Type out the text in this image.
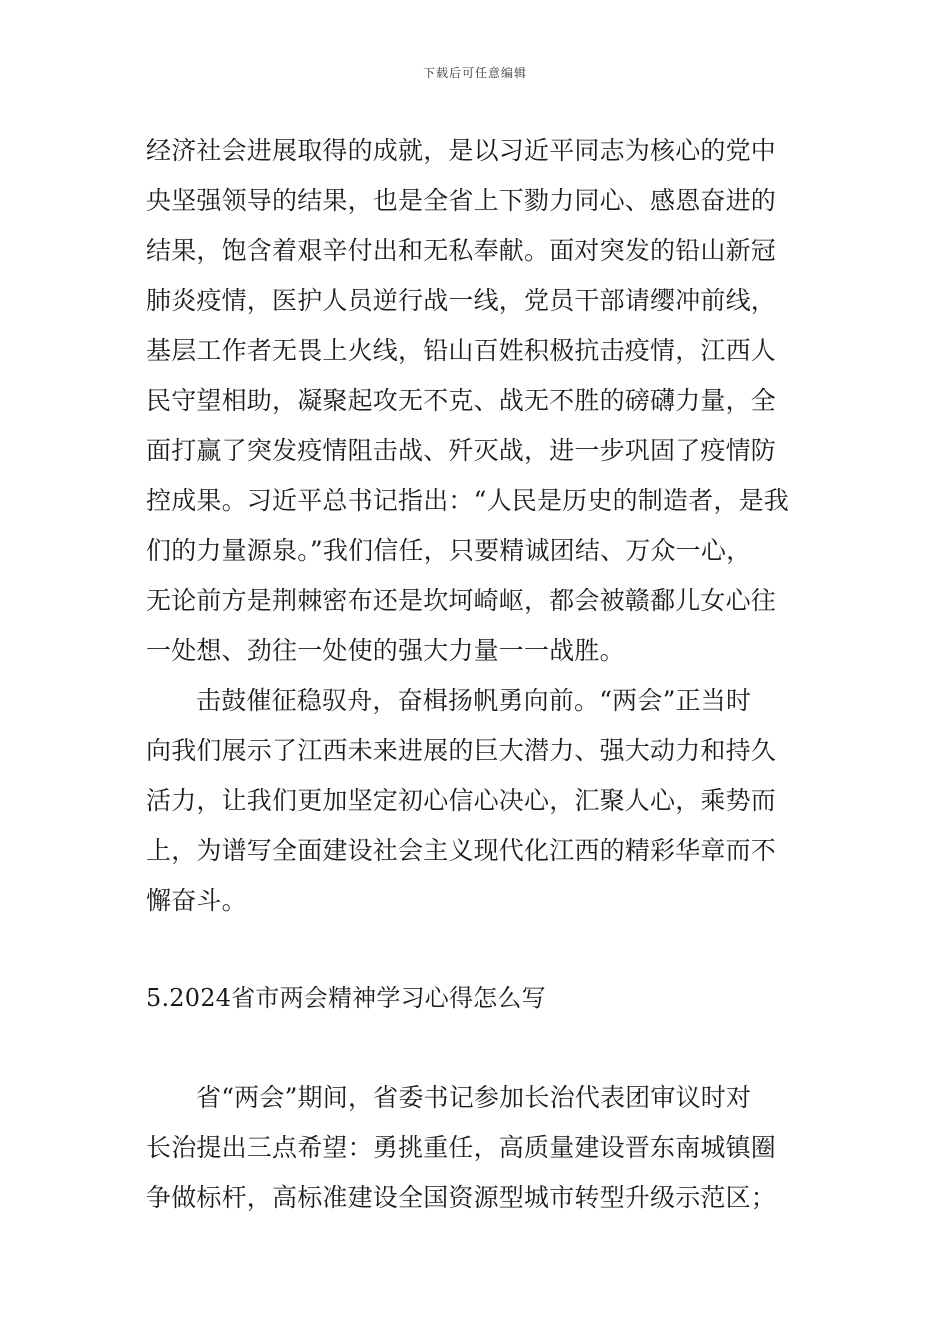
下载后可任意编辑
经济社会进展取得的成就，是以习近平同志为核心的党中
央坚强领导的结果，也是全省上下勠力同心、感恩奋进的
结果，饱含着艰辛付出和无私奉献。面对突发的铅山新冠
肺炎疫情，医护人员逆行战一线，党员干部请缨冲前线，
基层工作者无畏上火线，铅山百姓积极抗击疫情，江西人
民守望相助，凝聚起攻无不克、战无不胜的磅礴力量，全
面打赢了突发疫情阻击战、歼灭战，进一步巩固了疫情防
控成果。习近平总书记指出：“人民是历史的制造者，是我
们的力量源泉。”我们信任，只要精诚团结、万众一心，
无论前方是荆棘密布还是坎坷崎岖，都会被赣鄱儿女心往
一处想、劲往一处使的强大力量一一战胜。
击鼓催征稳驭舟，奋楫扬帆勇向前。“两会”正当时
向我们展示了江西未来进展的巨大潜力、强大动力和持久
活力，让我们更加坚定初心信心决心，汇聚人心，乘势而
上，为谱写全面建设社会主义现代化江西的精彩华章而不
懈奋斗。
5.2024省市两会精神学习心得怎么写
省“两会”期间，省委书记参加长治代表团审议时对
长治提出三点希望：勇挑重任，高质量建设晋东南城镇圈
争做标杆，高标准建设全国资源型城市转型升级示范区；
